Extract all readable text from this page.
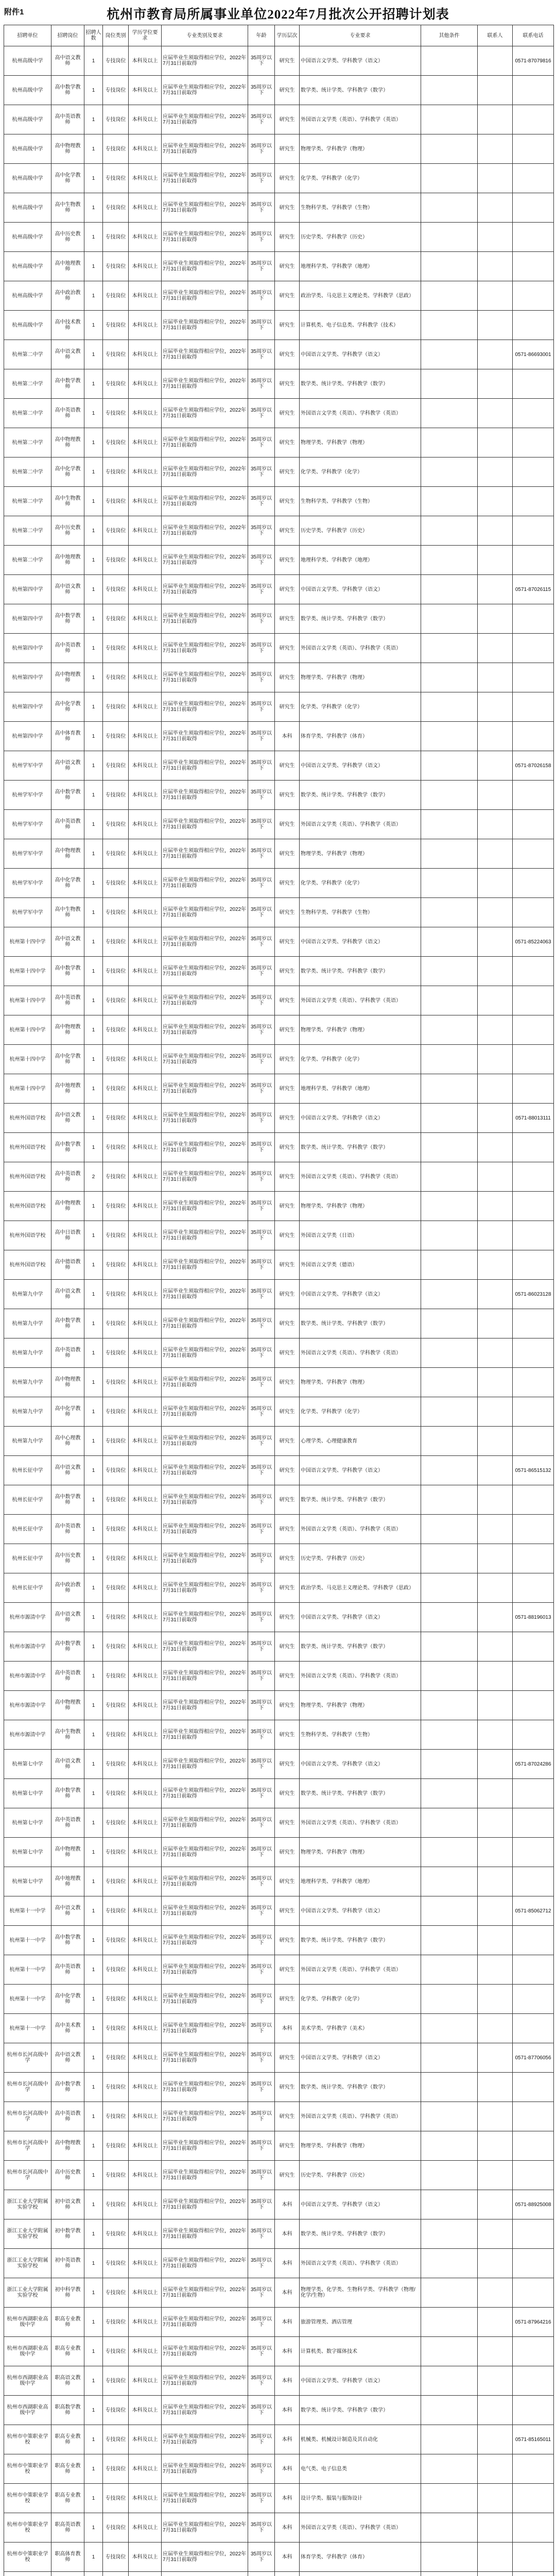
附件1	杭州市教育局所属事业单位2022年7月批次公开招聘计划表
招聘单位	招聘岗位	招聘人数	岗位类别	学历学位要求	专业类别及要求	年龄	学历层次	专业要求	其他条件	联系人	联系电话
杭州高级中学	高中语文教师	1	专技岗位	本科及以上	应届毕业生须取得相应学位，2022年7月31日前取得	35周岁以下	研究生	中国语言文学类、学科教学（语文）			0571-87079816
杭州高级中学	高中数学教师	1	专技岗位	本科及以上	应届毕业生须取得相应学位，2022年7月31日前取得	35周岁以下	研究生	数学类、统计学类、学科教学（数学）			
杭州高级中学	高中英语教师	1	专技岗位	本科及以上	应届毕业生须取得相应学位，2022年7月31日前取得	35周岁以下	研究生	外国语言文学类（英语）、学科教学（英语）			
杭州高级中学	高中物理教师	1	专技岗位	本科及以上	应届毕业生须取得相应学位，2022年7月31日前取得	35周岁以下	研究生	物理学类、学科教学（物理）			
杭州高级中学	高中化学教师	1	专技岗位	本科及以上	应届毕业生须取得相应学位，2022年7月31日前取得	35周岁以下	研究生	化学类、学科教学（化学）			
杭州高级中学	高中生物教师	1	专技岗位	本科及以上	应届毕业生须取得相应学位，2022年7月31日前取得	35周岁以下	研究生	生物科学类、学科教学（生物）			
杭州高级中学	高中历史教师	1	专技岗位	本科及以上	应届毕业生须取得相应学位，2022年7月31日前取得	35周岁以下	研究生	历史学类、学科教学（历史）			
杭州高级中学	高中地理教师	1	专技岗位	本科及以上	应届毕业生须取得相应学位，2022年7月31日前取得	35周岁以下	研究生	地理科学类、学科教学（地理）			
杭州高级中学	高中政治教师	1	专技岗位	本科及以上	应届毕业生须取得相应学位，2022年7月31日前取得	35周岁以下	研究生	政治学类、马克思主义理论类、学科教学（思政）			
杭州高级中学	高中技术教师	1	专技岗位	本科及以上	应届毕业生须取得相应学位，2022年7月31日前取得	35周岁以下	研究生	计算机类、电子信息类、学科教学（技术）			
杭州第二中学	高中语文教师	1	专技岗位	本科及以上	应届毕业生须取得相应学位，2022年7月31日前取得	35周岁以下	研究生	中国语言文学类、学科教学（语文）			0571-86693001
杭州第二中学	高中数学教师	1	专技岗位	本科及以上	应届毕业生须取得相应学位，2022年7月31日前取得	35周岁以下	研究生	数学类、统计学类、学科教学（数学）			
杭州第二中学	高中英语教师	1	专技岗位	本科及以上	应届毕业生须取得相应学位，2022年7月31日前取得	35周岁以下	研究生	外国语言文学类（英语）、学科教学（英语）			
杭州第二中学	高中物理教师	1	专技岗位	本科及以上	应届毕业生须取得相应学位，2022年7月31日前取得	35周岁以下	研究生	物理学类、学科教学（物理）			
杭州第二中学	高中化学教师	1	专技岗位	本科及以上	应届毕业生须取得相应学位，2022年7月31日前取得	35周岁以下	研究生	化学类、学科教学（化学）			
杭州第二中学	高中生物教师	1	专技岗位	本科及以上	应届毕业生须取得相应学位，2022年7月31日前取得	35周岁以下	研究生	生物科学类、学科教学（生物）			
杭州第二中学	高中历史教师	1	专技岗位	本科及以上	应届毕业生须取得相应学位，2022年7月31日前取得	35周岁以下	研究生	历史学类、学科教学（历史）			
杭州第二中学	高中地理教师	1	专技岗位	本科及以上	应届毕业生须取得相应学位，2022年7月31日前取得	35周岁以下	研究生	地理科学类、学科教学（地理）			
杭州第四中学	高中语文教师	1	专技岗位	本科及以上	应届毕业生须取得相应学位，2022年7月31日前取得	35周岁以下	研究生	中国语言文学类、学科教学（语文）			0571-87026115
杭州第四中学	高中数学教师	1	专技岗位	本科及以上	应届毕业生须取得相应学位，2022年7月31日前取得	35周岁以下	研究生	数学类、统计学类、学科教学（数学）			
杭州第四中学	高中英语教师	1	专技岗位	本科及以上	应届毕业生须取得相应学位，2022年7月31日前取得	35周岁以下	研究生	外国语言文学类（英语）、学科教学（英语）			
杭州第四中学	高中物理教师	1	专技岗位	本科及以上	应届毕业生须取得相应学位，2022年7月31日前取得	35周岁以下	研究生	物理学类、学科教学（物理）			
杭州第四中学	高中化学教师	1	专技岗位	本科及以上	应届毕业生须取得相应学位，2022年7月31日前取得	35周岁以下	研究生	化学类、学科教学（化学）			
杭州第四中学	高中体育教师	1	专技岗位	本科及以上	应届毕业生须取得相应学位，2022年7月31日前取得	35周岁以下	本科	体育学类、学科教学（体育）			
杭州学军中学	高中语文教师	1	专技岗位	本科及以上	应届毕业生须取得相应学位，2022年7月31日前取得	35周岁以下	研究生	中国语言文学类、学科教学（语文）			0571-87026158
杭州学军中学	高中数学教师	1	专技岗位	本科及以上	应届毕业生须取得相应学位，2022年7月31日前取得	35周岁以下	研究生	数学类、统计学类、学科教学（数学）			
杭州学军中学	高中英语教师	1	专技岗位	本科及以上	应届毕业生须取得相应学位，2022年7月31日前取得	35周岁以下	研究生	外国语言文学类（英语）、学科教学（英语）			
杭州学军中学	高中物理教师	1	专技岗位	本科及以上	应届毕业生须取得相应学位，2022年7月31日前取得	35周岁以下	研究生	物理学类、学科教学（物理）			
杭州学军中学	高中化学教师	1	专技岗位	本科及以上	应届毕业生须取得相应学位，2022年7月31日前取得	35周岁以下	研究生	化学类、学科教学（化学）			
杭州学军中学	高中生物教师	1	专技岗位	本科及以上	应届毕业生须取得相应学位，2022年7月31日前取得	35周岁以下	研究生	生物科学类、学科教学（生物）			
杭州第十四中学	高中语文教师	1	专技岗位	本科及以上	应届毕业生须取得相应学位，2022年7月31日前取得	35周岁以下	研究生	中国语言文学类、学科教学（语文）			0571-85224063
杭州第十四中学	高中数学教师	1	专技岗位	本科及以上	应届毕业生须取得相应学位，2022年7月31日前取得	35周岁以下	研究生	数学类、统计学类、学科教学（数学）			
杭州第十四中学	高中英语教师	1	专技岗位	本科及以上	应届毕业生须取得相应学位，2022年7月31日前取得	35周岁以下	研究生	外国语言文学类（英语）、学科教学（英语）			
杭州第十四中学	高中物理教师	1	专技岗位	本科及以上	应届毕业生须取得相应学位，2022年7月31日前取得	35周岁以下	研究生	物理学类、学科教学（物理）			
杭州第十四中学	高中化学教师	1	专技岗位	本科及以上	应届毕业生须取得相应学位，2022年7月31日前取得	35周岁以下	研究生	化学类、学科教学（化学）			
杭州第十四中学	高中地理教师	1	专技岗位	本科及以上	应届毕业生须取得相应学位，2022年7月31日前取得	35周岁以下	研究生	地理科学类、学科教学（地理）			
杭州外国语学校	高中语文教师	1	专技岗位	本科及以上	应届毕业生须取得相应学位，2022年7月31日前取得	35周岁以下	研究生	中国语言文学类、学科教学（语文）			0571-88013111
杭州外国语学校	高中数学教师	1	专技岗位	本科及以上	应届毕业生须取得相应学位，2022年7月31日前取得	35周岁以下	研究生	数学类、统计学类、学科教学（数学）			
杭州外国语学校	高中英语教师	2	专技岗位	本科及以上	应届毕业生须取得相应学位，2022年7月31日前取得	35周岁以下	研究生	外国语言文学类（英语）、学科教学（英语）			
杭州外国语学校	高中物理教师	1	专技岗位	本科及以上	应届毕业生须取得相应学位，2022年7月31日前取得	35周岁以下	研究生	物理学类、学科教学（物理）			
杭州外国语学校	高中日语教师	1	专技岗位	本科及以上	应届毕业生须取得相应学位，2022年7月31日前取得	35周岁以下	研究生	外国语言文学类（日语）			
杭州外国语学校	高中德语教师	1	专技岗位	本科及以上	应届毕业生须取得相应学位，2022年7月31日前取得	35周岁以下	研究生	外国语言文学类（德语）			
杭州第九中学	高中语文教师	1	专技岗位	本科及以上	应届毕业生须取得相应学位，2022年7月31日前取得	35周岁以下	研究生	中国语言文学类、学科教学（语文）			0571-86023128
杭州第九中学	高中数学教师	1	专技岗位	本科及以上	应届毕业生须取得相应学位，2022年7月31日前取得	35周岁以下	研究生	数学类、统计学类、学科教学（数学）			
杭州第九中学	高中英语教师	1	专技岗位	本科及以上	应届毕业生须取得相应学位，2022年7月31日前取得	35周岁以下	研究生	外国语言文学类（英语）、学科教学（英语）			
杭州第九中学	高中物理教师	1	专技岗位	本科及以上	应届毕业生须取得相应学位，2022年7月31日前取得	35周岁以下	研究生	物理学类、学科教学（物理）			
杭州第九中学	高中化学教师	1	专技岗位	本科及以上	应届毕业生须取得相应学位，2022年7月31日前取得	35周岁以下	研究生	化学类、学科教学（化学）			
杭州第九中学	高中心理教师	1	专技岗位	本科及以上	应届毕业生须取得相应学位，2022年7月31日前取得	35周岁以下	研究生	心理学类、心理健康教育			
杭州长征中学	高中语文教师	1	专技岗位	本科及以上	应届毕业生须取得相应学位，2022年7月31日前取得	35周岁以下	研究生	中国语言文学类、学科教学（语文）			0571-86515132
杭州长征中学	高中数学教师	1	专技岗位	本科及以上	应届毕业生须取得相应学位，2022年7月31日前取得	35周岁以下	研究生	数学类、统计学类、学科教学（数学）			
杭州长征中学	高中英语教师	1	专技岗位	本科及以上	应届毕业生须取得相应学位，2022年7月31日前取得	35周岁以下	研究生	外国语言文学类（英语）、学科教学（英语）			
杭州长征中学	高中历史教师	1	专技岗位	本科及以上	应届毕业生须取得相应学位，2022年7月31日前取得	35周岁以下	研究生	历史学类、学科教学（历史）			
杭州长征中学	高中政治教师	1	专技岗位	本科及以上	应届毕业生须取得相应学位，2022年7月31日前取得	35周岁以下	研究生	政治学类、马克思主义理论类、学科教学（思政）			
杭州市源清中学	高中语文教师	1	专技岗位	本科及以上	应届毕业生须取得相应学位，2022年7月31日前取得	35周岁以下	研究生	中国语言文学类、学科教学（语文）			0571-88196013
杭州市源清中学	高中数学教师	1	专技岗位	本科及以上	应届毕业生须取得相应学位，2022年7月31日前取得	35周岁以下	研究生	数学类、统计学类、学科教学（数学）			
杭州市源清中学	高中英语教师	1	专技岗位	本科及以上	应届毕业生须取得相应学位，2022年7月31日前取得	35周岁以下	研究生	外国语言文学类（英语）、学科教学（英语）			
杭州市源清中学	高中物理教师	1	专技岗位	本科及以上	应届毕业生须取得相应学位，2022年7月31日前取得	35周岁以下	研究生	物理学类、学科教学（物理）			
杭州市源清中学	高中生物教师	1	专技岗位	本科及以上	应届毕业生须取得相应学位，2022年7月31日前取得	35周岁以下	研究生	生物科学类、学科教学（生物）			
杭州第七中学	高中语文教师	1	专技岗位	本科及以上	应届毕业生须取得相应学位，2022年7月31日前取得	35周岁以下	研究生	中国语言文学类、学科教学（语文）			0571-87024286
杭州第七中学	高中数学教师	1	专技岗位	本科及以上	应届毕业生须取得相应学位，2022年7月31日前取得	35周岁以下	研究生	数学类、统计学类、学科教学（数学）			
杭州第七中学	高中英语教师	1	专技岗位	本科及以上	应届毕业生须取得相应学位，2022年7月31日前取得	35周岁以下	研究生	外国语言文学类（英语）、学科教学（英语）			
杭州第七中学	高中物理教师	1	专技岗位	本科及以上	应届毕业生须取得相应学位，2022年7月31日前取得	35周岁以下	研究生	物理学类、学科教学（物理）			
杭州第七中学	高中地理教师	1	专技岗位	本科及以上	应届毕业生须取得相应学位，2022年7月31日前取得	35周岁以下	研究生	地理科学类、学科教学（地理）			
杭州第十一中学	高中语文教师	1	专技岗位	本科及以上	应届毕业生须取得相应学位，2022年7月31日前取得	35周岁以下	研究生	中国语言文学类、学科教学（语文）			0571-85062712
杭州第十一中学	高中数学教师	1	专技岗位	本科及以上	应届毕业生须取得相应学位，2022年7月31日前取得	35周岁以下	研究生	数学类、统计学类、学科教学（数学）			
杭州第十一中学	高中英语教师	1	专技岗位	本科及以上	应届毕业生须取得相应学位，2022年7月31日前取得	35周岁以下	研究生	外国语言文学类（英语）、学科教学（英语）			
杭州第十一中学	高中化学教师	1	专技岗位	本科及以上	应届毕业生须取得相应学位，2022年7月31日前取得	35周岁以下	研究生	化学类、学科教学（化学）			
杭州第十一中学	高中美术教师	1	专技岗位	本科及以上	应届毕业生须取得相应学位，2022年7月31日前取得	35周岁以下	本科	美术学类、学科教学（美术）			
杭州市长河高级中学	高中语文教师	1	专技岗位	本科及以上	应届毕业生须取得相应学位，2022年7月31日前取得	35周岁以下	研究生	中国语言文学类、学科教学（语文）			0571-87706056
杭州市长河高级中学	高中数学教师	1	专技岗位	本科及以上	应届毕业生须取得相应学位，2022年7月31日前取得	35周岁以下	研究生	数学类、统计学类、学科教学（数学）			
杭州市长河高级中学	高中英语教师	1	专技岗位	本科及以上	应届毕业生须取得相应学位，2022年7月31日前取得	35周岁以下	研究生	外国语言文学类（英语）、学科教学（英语）			
杭州市长河高级中学	高中物理教师	1	专技岗位	本科及以上	应届毕业生须取得相应学位，2022年7月31日前取得	35周岁以下	研究生	物理学类、学科教学（物理）			
杭州市长河高级中学	高中历史教师	1	专技岗位	本科及以上	应届毕业生须取得相应学位，2022年7月31日前取得	35周岁以下	研究生	历史学类、学科教学（历史）			
浙江工业大学附属实验学校	初中语文教师	1	专技岗位	本科及以上	应届毕业生须取得相应学位，2022年7月31日前取得	35周岁以下	本科	中国语言文学类、学科教学（语文）			0571-88925008
浙江工业大学附属实验学校	初中数学教师	1	专技岗位	本科及以上	应届毕业生须取得相应学位，2022年7月31日前取得	35周岁以下	本科	数学类、统计学类、学科教学（数学）			
浙江工业大学附属实验学校	初中英语教师	1	专技岗位	本科及以上	应届毕业生须取得相应学位，2022年7月31日前取得	35周岁以下	本科	外国语言文学类（英语）、学科教学（英语）			
浙江工业大学附属实验学校	初中科学教师	1	专技岗位	本科及以上	应届毕业生须取得相应学位，2022年7月31日前取得	35周岁以下	本科	物理学类、化学类、生物科学类、学科教学（物理/化学/生物）			
杭州市西湖职业高级中学	职高专业教师	1	专技岗位	本科及以上	应届毕业生须取得相应学位，2022年7月31日前取得	35周岁以下	本科	旅游管理类、酒店管理			0571-87964216
杭州市西湖职业高级中学	职高专业教师	1	专技岗位	本科及以上	应届毕业生须取得相应学位，2022年7月31日前取得	35周岁以下	本科	计算机类、数字媒体技术			
杭州市西湖职业高级中学	职高语文教师	1	专技岗位	本科及以上	应届毕业生须取得相应学位，2022年7月31日前取得	35周岁以下	本科	中国语言文学类、学科教学（语文）			
杭州市西湖职业高级中学	职高数学教师	1	专技岗位	本科及以上	应届毕业生须取得相应学位，2022年7月31日前取得	35周岁以下	本科	数学类、统计学类、学科教学（数学）			
杭州市中策职业学校	职高专业教师	1	专技岗位	本科及以上	应届毕业生须取得相应学位，2022年7月31日前取得	35周岁以下	本科	机械类、机械设计制造及其自动化			0571-85165011
杭州市中策职业学校	职高专业教师	1	专技岗位	本科及以上	应届毕业生须取得相应学位，2022年7月31日前取得	35周岁以下	本科	电气类、电子信息类			
杭州市中策职业学校	职高专业教师	1	专技岗位	本科及以上	应届毕业生须取得相应学位，2022年7月31日前取得	35周岁以下	本科	设计学类、服装与服饰设计			
杭州市中策职业学校	职高英语教师	1	专技岗位	本科及以上	应届毕业生须取得相应学位，2022年7月31日前取得	35周岁以下	本科	外国语言文学类（英语）、学科教学（英语）			
杭州市中策职业学校	职高体育教师	1	专技岗位	本科及以上	应届毕业生须取得相应学位，2022年7月31日前取得	35周岁以下	本科	体育学类、学科教学（体育）			
